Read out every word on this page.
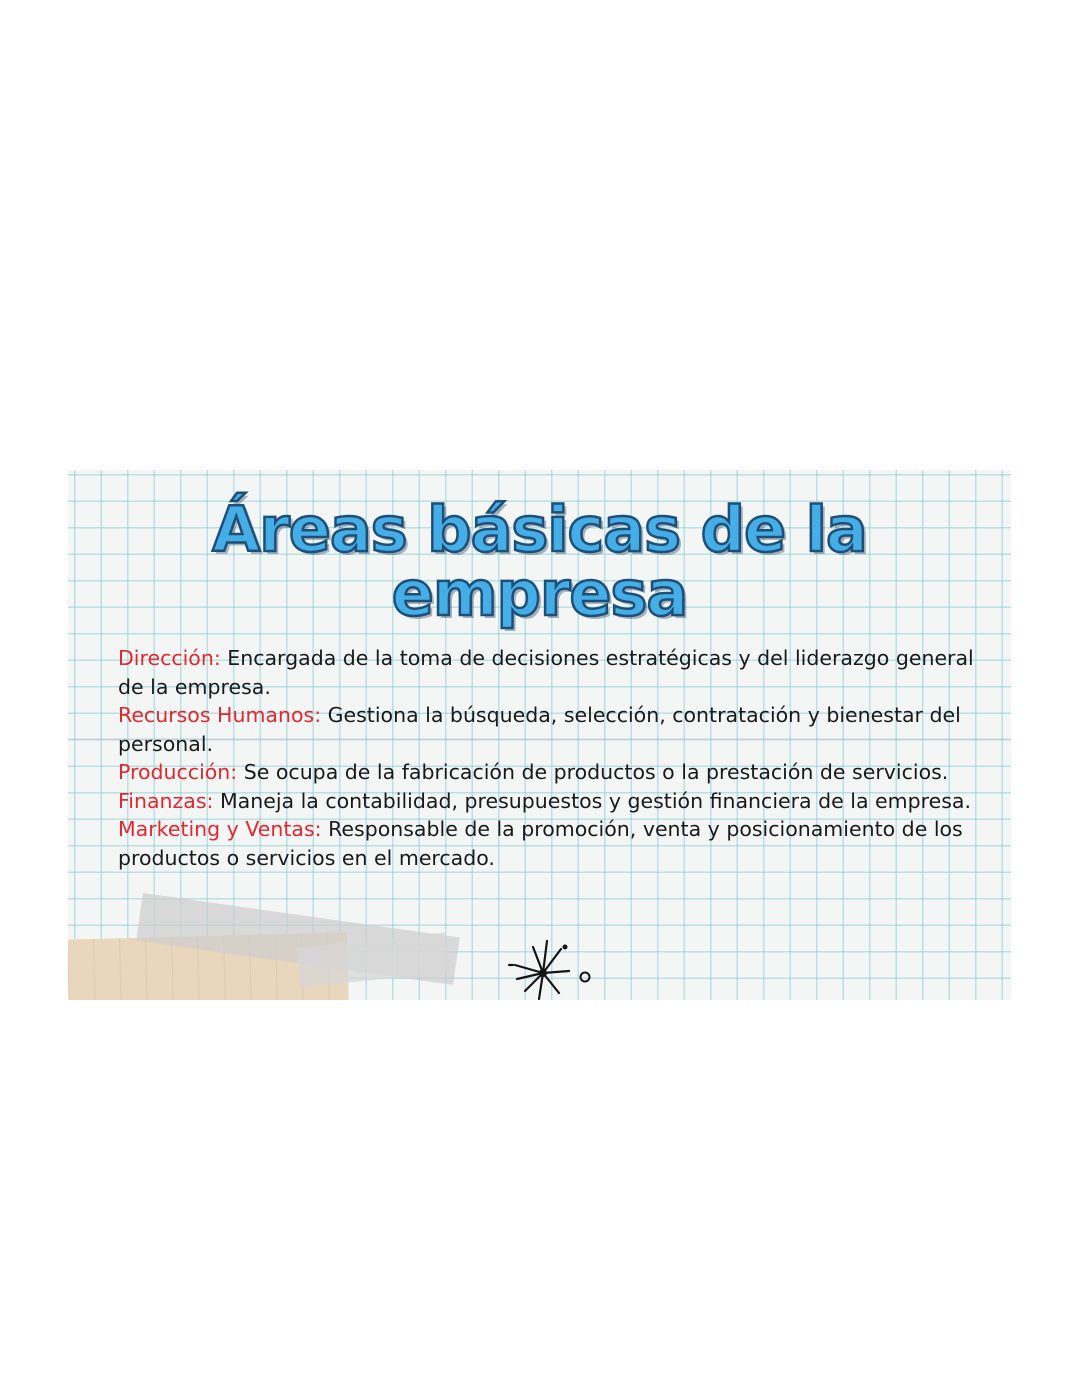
Áreas básicas de la
empresa

Dirección: Encargada de la toma de decisiones estratégicas y del liderazgo general de la empresa.

Recursos Humanos: Gestiona la búsqueda, selección, contratación y bienestar del personal.

Producción: Se ocupa de la fabricación de productos o la prestación de servicios.

Finanzas: Maneja la contabilidad, presupuestos y gestión financiera de la empresa.

Marketing y Ventas: Responsable de la promoción, venta y posicionamiento de los productos o servicios en el mercado.
